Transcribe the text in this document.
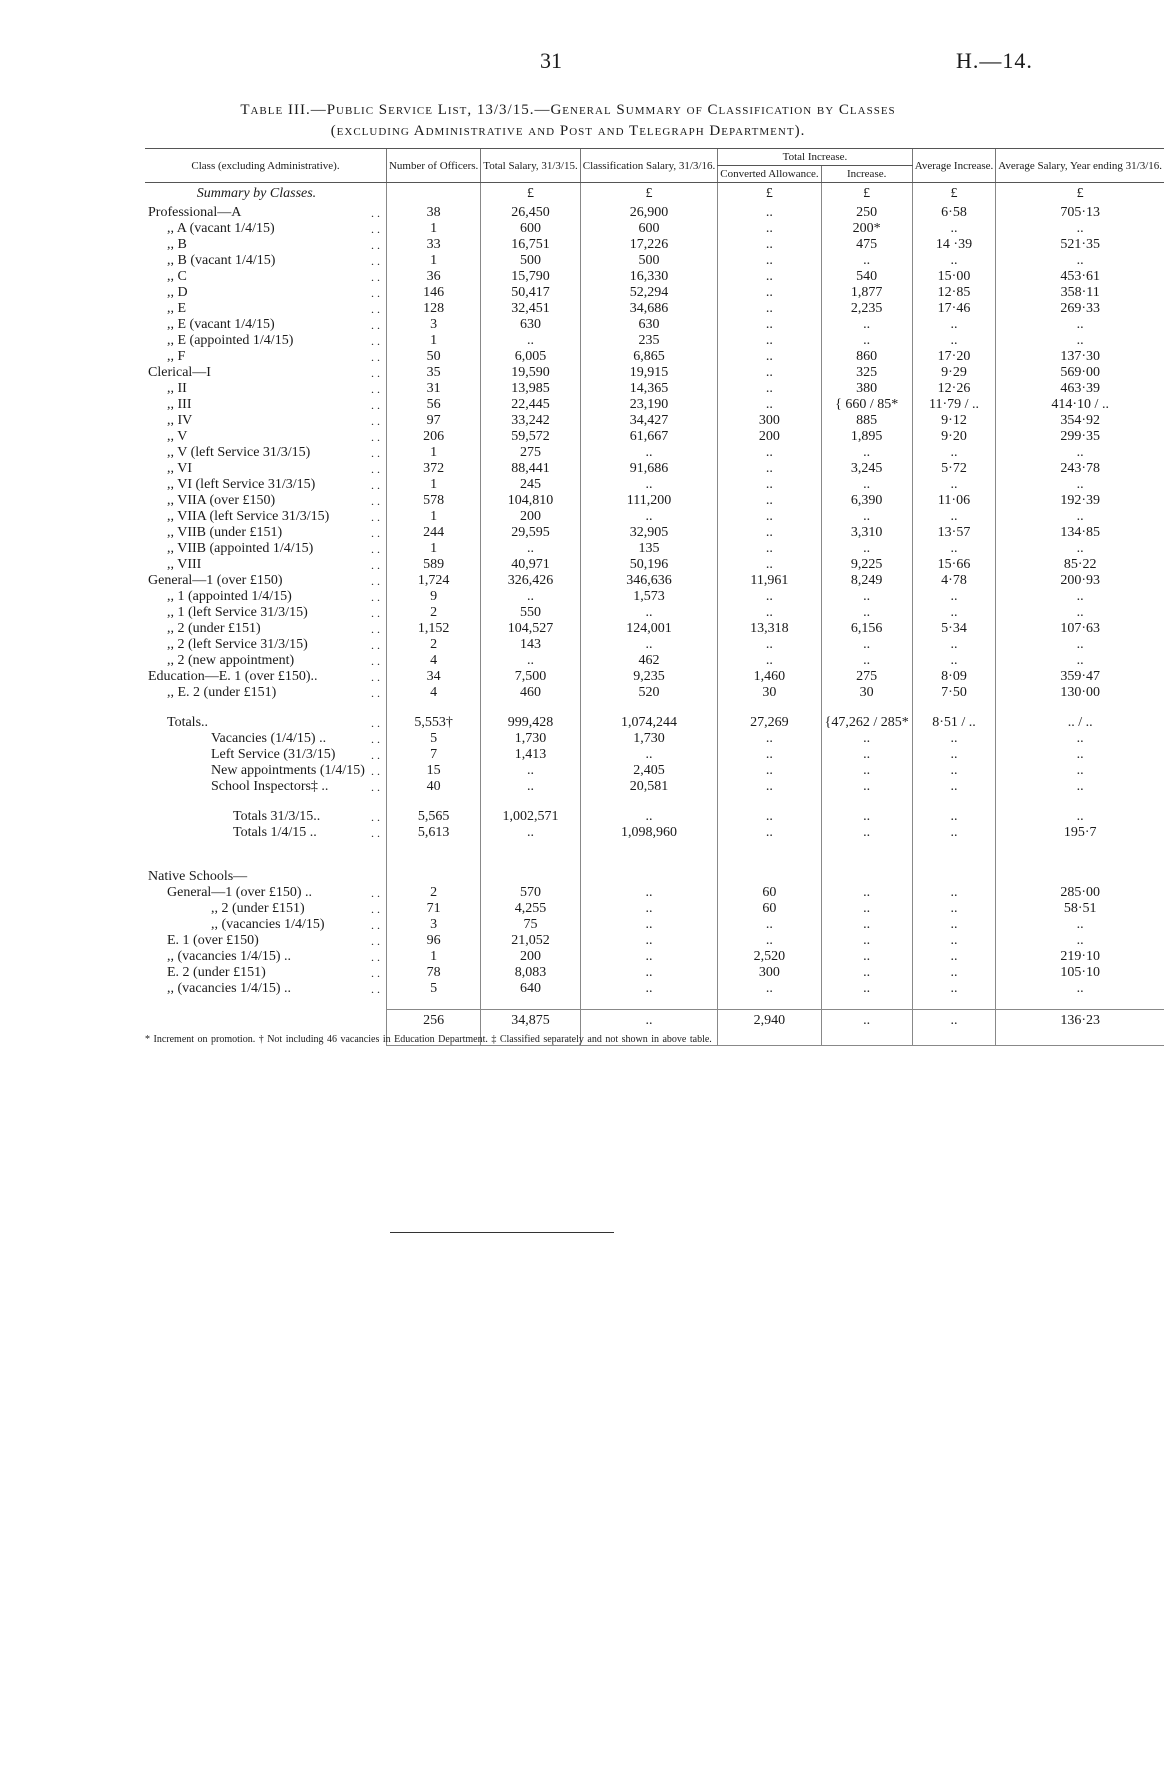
31	H.—14.
Table III.—Public Service List, 13/3/15.—General Summary of Classification by Classes
(excluding Administrative and Post and Telegraph Department).
Class (excluding Administrative).		Number of Officers.	Total Salary, 31/3/15.	Classification Salary, 31/3/16.	Total Increase.		Average Increase.	Average Salary, Year ending 31/3/16.
					Converted Allowance.	Increase.		
Summary by Classes.			£	£	£	£	£	£
Professional—A	..	38	26,450	26,900	..	250	6·58	705·13
,, A (vacant 1/4/15)	..	1	600	600	..	200*	..	..
,, B	..	33	16,751	17,226	..	475	14 ·39	521·35
,, B (vacant 1/4/15)	..	1	500	500	..	..	..	..
,, C	..	36	15,790	16,330	..	540	15·00	453·61
,, D	..	146	50,417	52,294	..	1,877	12·85	358·11
,, E	..	128	32,451	34,686	..	2,235	17·46	269·33
,, E (vacant 1/4/15)	..	3	630	630	..	..	..	..
,, E (appointed 1/4/15)	..	1	..	235	..	..	..	..
,, F	..	50	6,005	6,865	..	860	17·20	137·30
Clerical—I	..	35	19,590	19,915	..	325	9·29	569·00
,, II	..	31	13,985	14,365	..	380	12·26	463·39
,, III	..	56	22,445	23,190	..	{ 660 / 85*	11·79 / ..	414·10 / ..
,, IV	..	97	33,242	34,427	300	885	9·12	354·92
,, V	..	206	59,572	61,667	200	1,895	9·20	299·35
,, V (left Service 31/3/15)	..	1	275	..	..	..	..	..
,, VI	..	372	88,441	91,686	..	3,245	5·72	243·78
,, VI (left Service 31/3/15)	..	1	245	..	..	..	..	..
,, VIIA (over £150)	..	578	104,810	111,200	..	6,390	11·06	192·39
,, VIIA (left Service 31/3/15)	..	1	200	..	..	..	..	..
,, VIIB (under £151)	..	244	29,595	32,905	..	3,310	13·57	134·85
,, VIIB (appointed 1/4/15)	..	1	..	135	..	..	..	..
,, VIII	..	589	40,971	50,196	..	9,225	15·66	85·22
General—1 (over £150)	..	1,724	326,426	346,636	11,961	8,249	4·78	200·93
,, 1 (appointed 1/4/15)	..	9	..	1,573	..	..	..	..
,, 1 (left Service 31/3/15)	..	2	550	..	..	..	..	..
,, 2 (under £151)	..	1,152	104,527	124,001	13,318	6,156	5·34	107·63
,, 2 (left Service 31/3/15)	..	2	143	..	..	..	..	..
,, 2 (new appointment)	..	4	..	462	..	..	..	..
Education—E. 1 (over £150)..	..	34	7,500	9,235	1,460	275	8·09	359·47
,, E. 2 (under £151)	..	4	460	520	30	30	7·50	130·00

Totals..	..	5,553†	999,428	1,074,244	27,269	{47,262 / 285*	8·51 / ..	.. / ..
Vacancies (1/4/15) ..	..	5	1,730	1,730	..	..	..	..
Left Service (31/3/15)	..	7	1,413	..	..	..	..	..
New appointments (1/4/15)	..	15	..	2,405	..	..	..	..
School Inspectors‡ ..	..	40	..	20,581	..	..	..	..

Totals 31/3/15..	..	5,565	1,002,571	..	..	..	..	..
Totals 1/4/15 ..	..	5,613	..	1,098,960	..	..	..	195·7

Native Schools—								
General—1 (over £150) ..	..	2	570	..	60	..	..	285·00
,, 2 (under £151)	..	71	4,255	..	60	..	..	58·51
,, (vacancies 1/4/15)	..	3	75	..	..	..	..	..
E. 1 (over £150)	..	96	21,052	..	..	..	..	..
,, (vacancies 1/4/15) ..	..	1	200	..	2,520	..	..	219·10
E. 2 (under £151)	..	78	8,083	..	300	..	..	105·10
,, (vacancies 1/4/15) ..	..	5	640	..	..	..	..	..

		256	34,875	..	2,940	..	..	136·23

* Increment on promotion. † Not including 46 vacancies in Education Department. ‡ Classified separately and not shown in above table.
